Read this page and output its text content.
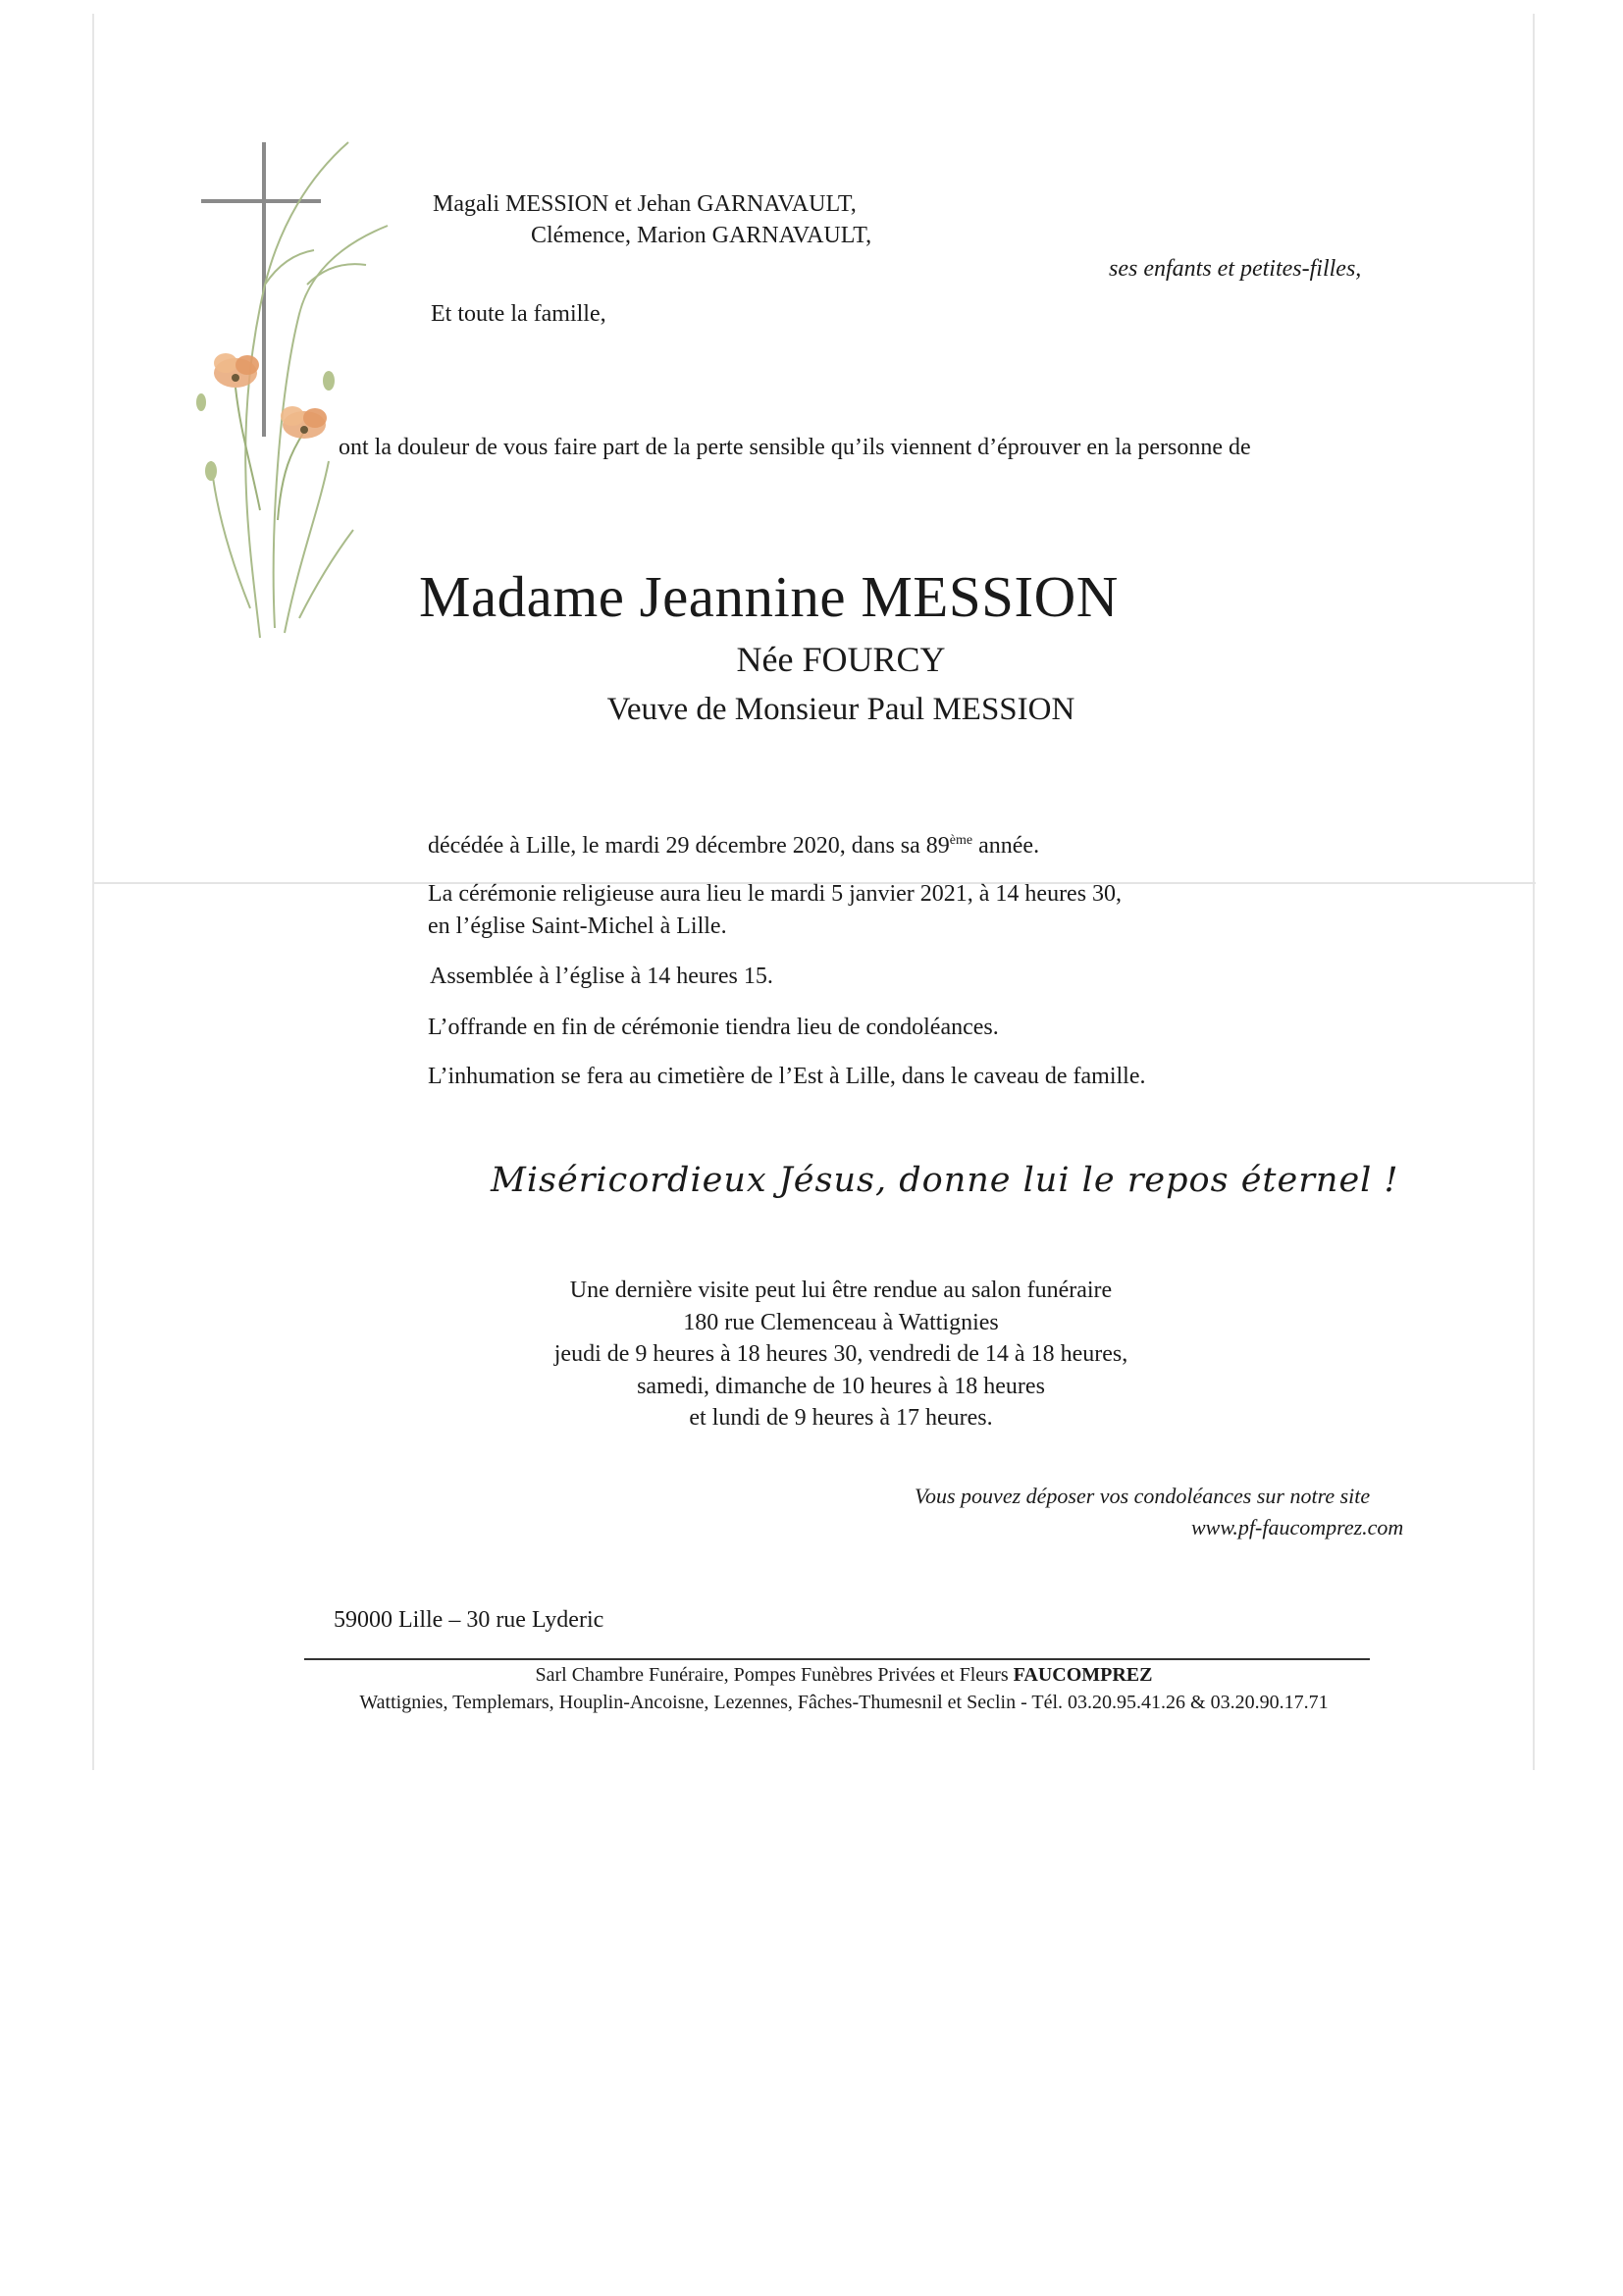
Magali MESSION et Jehan GARNAVAULT,
Clémence, Marion GARNAVAULT,
ses enfants et petites-filles,
Et toute la famille,
ont la douleur de vous faire part de la perte sensible qu’ils viennent d’éprouver en la personne de
Madame Jeannine MESSION
Née FOURCY
Veuve de Monsieur Paul MESSION
décédée à Lille, le mardi 29 décembre 2020, dans sa 89ème année.
La cérémonie religieuse aura lieu le mardi 5 janvier 2021, à 14 heures 30,
en l’église Saint-Michel à Lille.
Assemblée à l’église à 14 heures 15.
L’offrande en fin de cérémonie tiendra lieu de condoléances.
L’inhumation se fera au cimetière de l’Est à Lille, dans le caveau de famille.
Miséricordieux Jésus, donne lui le repos éternel !
Une dernière visite peut lui être rendue au salon funéraire
180 rue Clemenceau à Wattignies
jeudi de 9 heures à 18 heures 30, vendredi de 14 à 18 heures,
samedi, dimanche de 10 heures à 18 heures
et lundi de 9 heures à 17 heures.
Vous pouvez déposer vos condoléances sur notre site
www.pf-faucomprez.com
59000 Lille – 30 rue Lyderic
Sarl Chambre Funéraire, Pompes Funèbres Privées et Fleurs FAUCOMPREZ
Wattignies, Templemars, Houplin-Ancoisne, Lezennes, Fâches-Thumesnil et Seclin - Tél. 03.20.95.41.26 & 03.20.90.17.71
